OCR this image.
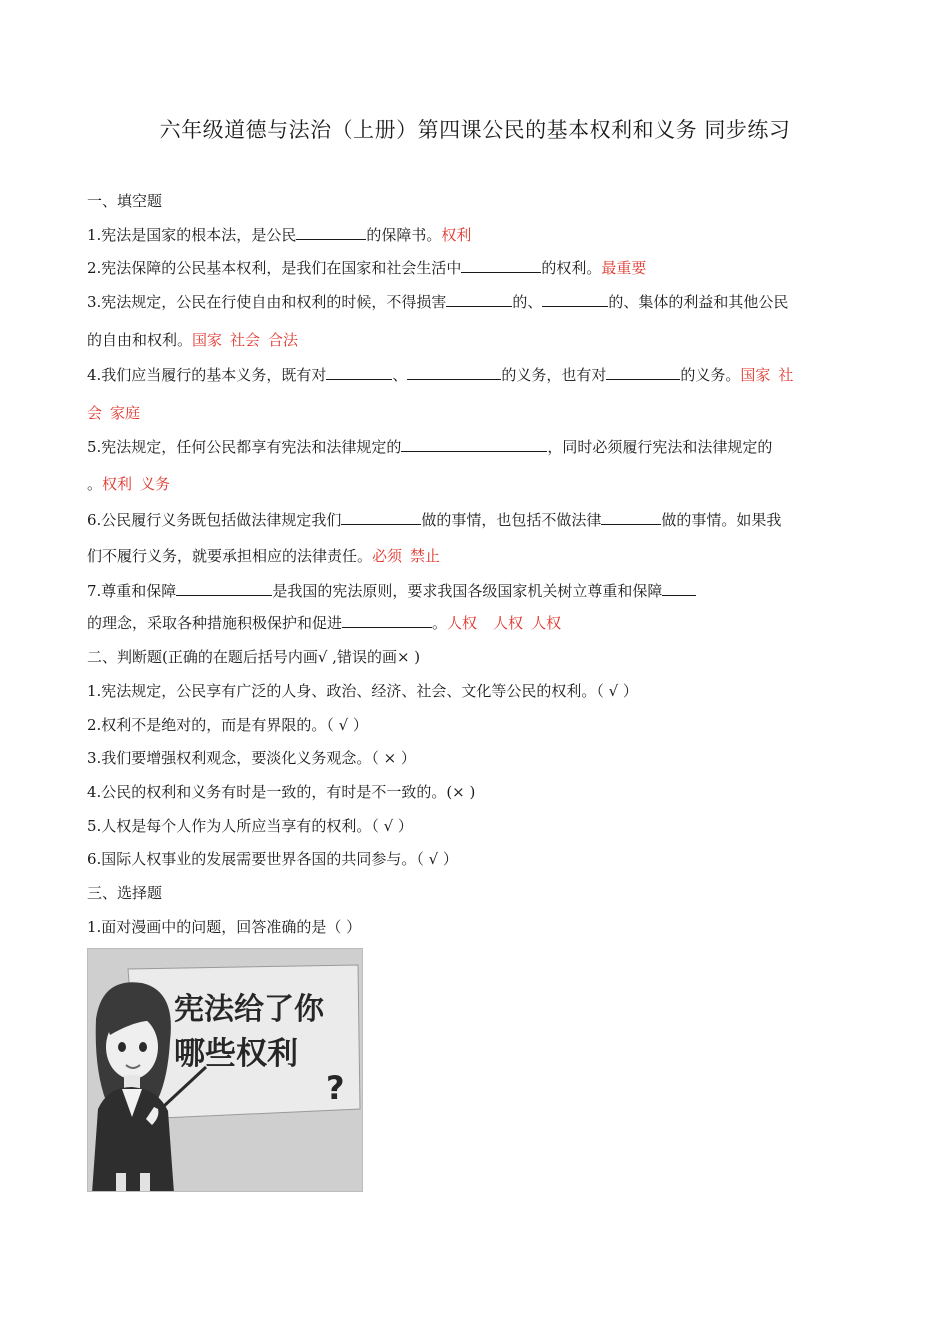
六年级道德与法治（上册）第四课公民的基本权利和义务 同步练习
一、填空题
1.宪法是国家的根本法，是公民	的保障书。权利
2.宪法保障的公民基本权利，是我们在国家和社会生活中	的权利。最重要
3.宪法规定，公民在行使自由和权利的时候，不得损害	的、	的、集体的利益和其他公民
的自由和权利。国家 社会 合法
4.我们应当履行的基本义务，既有对	、	的义务，也有对	的义务。国家 社
会 家庭
5.宪法规定，任何公民都享有宪法和法律规定的	，同时必须履行宪法和法律规定的
。权利 义务
6.公民履行义务既包括做法律规定我们	做的事情，也包括不做法律	做的事情。如果我
们不履行义务，就要承担相应的法律责任。必须 禁止
7.尊重和保障	是我国的宪法原则，要求我国各级国家机关树立尊重和保障
的理念，采取各种措施积极保护和促进	。人权 人权 人权
二、判断题(正确的在题后括号内画√ ,错误的画× )
1.宪法规定，公民享有广泛的人身、政治、经济、社会、文化等公民的权利。（ √ ）
2.权利不是绝对的，而是有界限的。（ √ ）
3.我们要增强权利观念，要淡化义务观念。（ × ）
4.公民的权利和义务有时是一致的，有时是不一致的。(× )
5.人权是每个人作为人所应当享有的权利。（ √ ）
6.国际人权事业的发展需要世界各国的共同参与。（ √ ）
三、选择题
1.面对漫画中的问题，回答准确的是（ ）
宪法给了你
哪些权利
?
